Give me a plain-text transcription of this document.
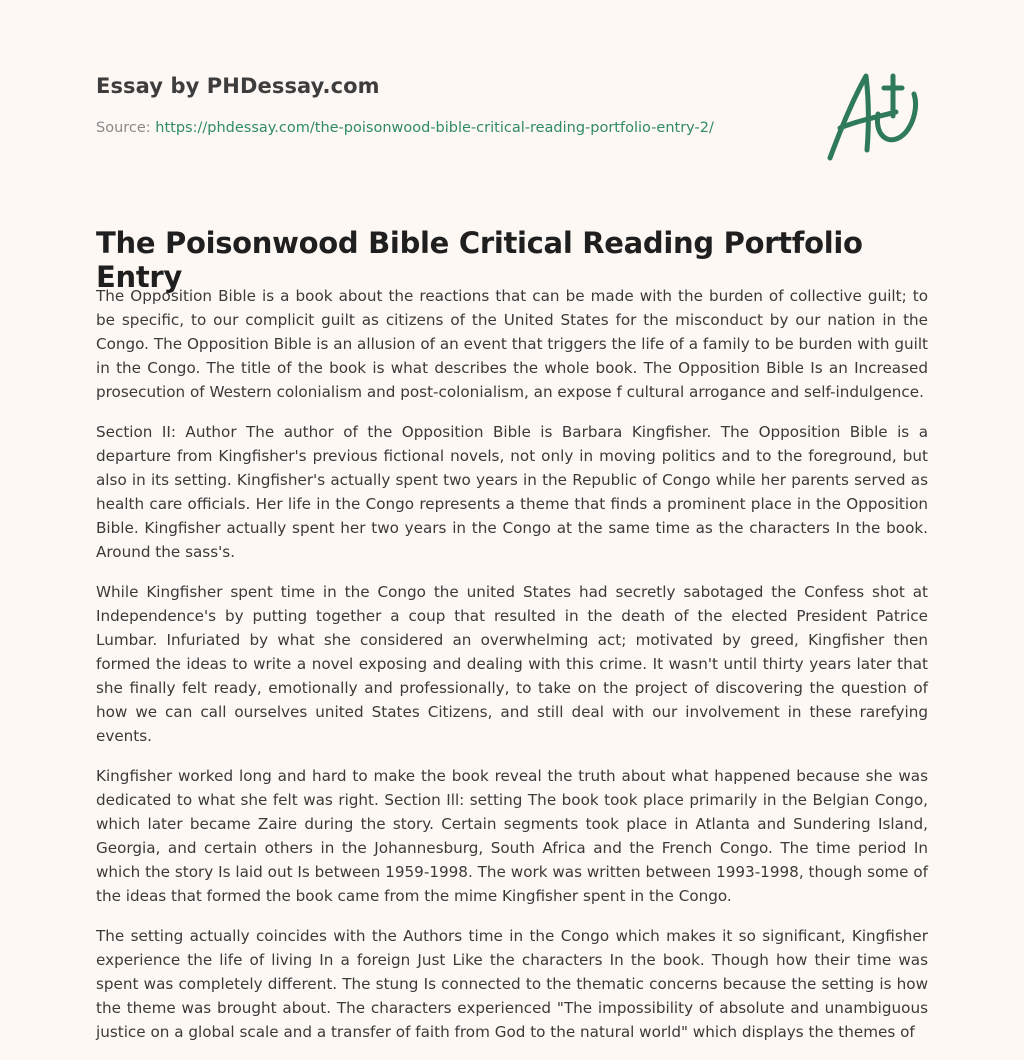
Essay by PHDessay.com
Source: https://phdessay.com/the-poisonwood-bible-critical-reading-portfolio-entry-2/
The Poisonwood Bible Critical Reading Portfolio Entry

The Opposition Bible is a book about the reactions that can be made with the burden of collective guilt; to be specific, to our complicit guilt as citizens of the United States for the misconduct by our nation in the Congo. The Opposition Bible is an allusion of an event that triggers the life of a family to be burden with guilt in the Congo. The title of the book is what describes the whole book. The Opposition Bible Is an Increased prosecution of Western colonialism and post-colonialism, an expose f cultural arrogance and self-indulgence.

Section II: Author The author of the Opposition Bible is Barbara Kingfisher. The Opposition Bible is a departure from Kingfisher's previous fictional novels, not only in moving politics and to the foreground, but also in its setting. Kingfisher's actually spent two years in the Republic of Congo while her parents served as health care officials. Her life in the Congo represents a theme that finds a prominent place in the Opposition Bible. Kingfisher actually spent her two years in the Congo at the same time as the characters In the book. Around the sass's.

While Kingfisher spent time in the Congo the united States had secretly sabotaged the Confess shot at Independence's by putting together a coup that resulted in the death of the elected President Patrice Lumbar. Infuriated by what she considered an overwhelming act; motivated by greed, Kingfisher then formed the ideas to write a novel exposing and dealing with this crime. It wasn't until thirty years later that she finally felt ready, emotionally and professionally, to take on the project of discovering the question of how we can call ourselves united States Citizens, and still deal with our involvement in these rarefying events.

Kingfisher worked long and hard to make the book reveal the truth about what happened because she was dedicated to what she felt was right. Section Ill: setting The book took place primarily in the Belgian Congo, which later became Zaire during the story. Certain segments took place in Atlanta and Sundering Island, Georgia, and certain others in the Johannesburg, South Africa and the French Congo. The time period In which the story Is laid out Is between 1959-1998. The work was written between 1993-1998, though some of the ideas that formed the book came from the mime Kingfisher spent in the Congo.

The setting actually coincides with the Authors time in the Congo which makes it so significant, Kingfisher experience the life of living In a foreign Just Like the characters In the book. Though how their time was spent was completely different. The stung Is connected to the thematic concerns because the setting is how the theme was brought about. The characters experienced "The impossibility of absolute and unambiguous justice on a global scale and a transfer of faith from God to the natural world" which displays the themes of
